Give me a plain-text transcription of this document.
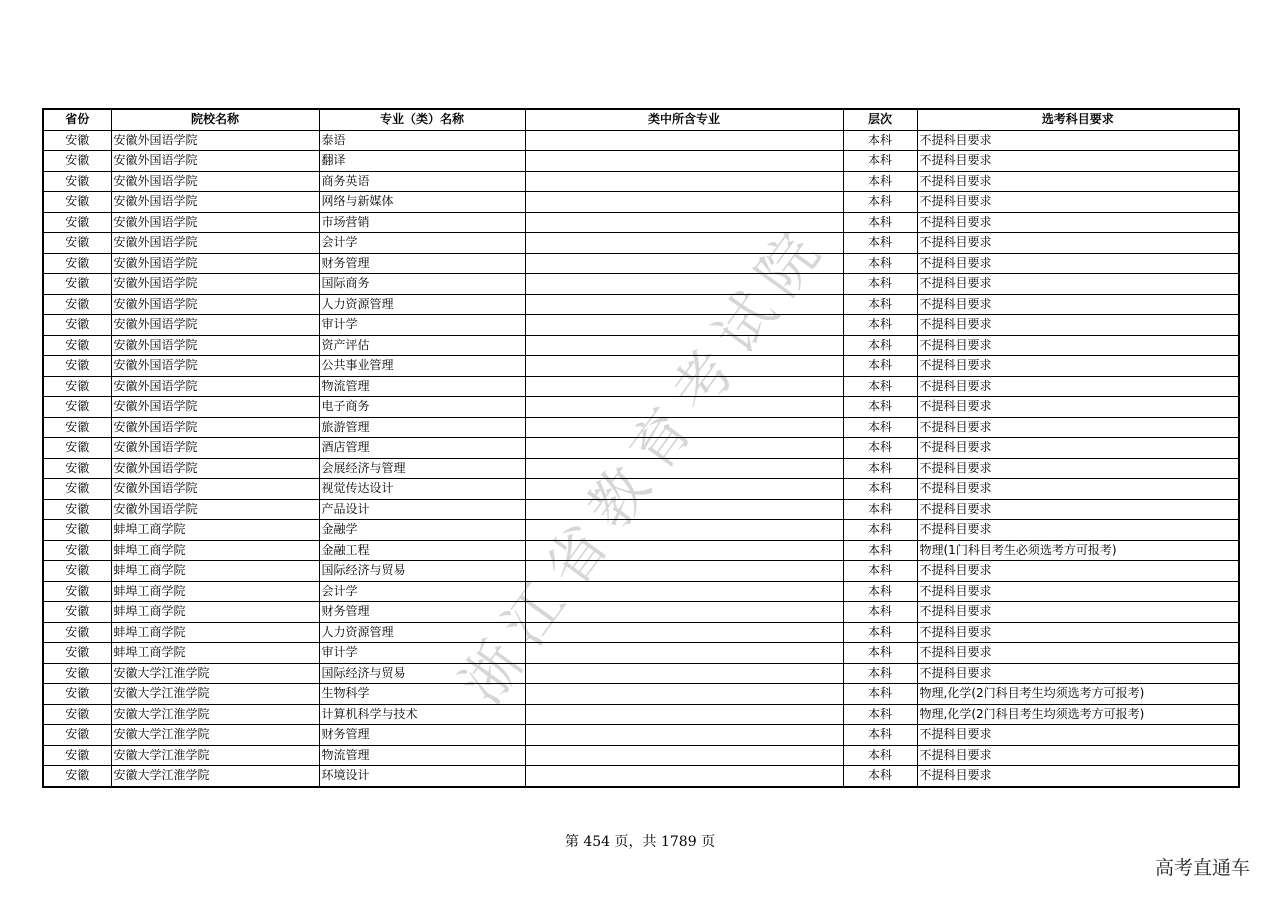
浙江省教育考试院
省份	院校名称	专业（类）名称	类中所含专业	层次	选考科目要求
安徽	安徽外国语学院	泰语		本科	不提科目要求
安徽	安徽外国语学院	翻译		本科	不提科目要求
安徽	安徽外国语学院	商务英语		本科	不提科目要求
安徽	安徽外国语学院	网络与新媒体		本科	不提科目要求
安徽	安徽外国语学院	市场营销		本科	不提科目要求
安徽	安徽外国语学院	会计学		本科	不提科目要求
安徽	安徽外国语学院	财务管理		本科	不提科目要求
安徽	安徽外国语学院	国际商务		本科	不提科目要求
安徽	安徽外国语学院	人力资源管理		本科	不提科目要求
安徽	安徽外国语学院	审计学		本科	不提科目要求
安徽	安徽外国语学院	资产评估		本科	不提科目要求
安徽	安徽外国语学院	公共事业管理		本科	不提科目要求
安徽	安徽外国语学院	物流管理		本科	不提科目要求
安徽	安徽外国语学院	电子商务		本科	不提科目要求
安徽	安徽外国语学院	旅游管理		本科	不提科目要求
安徽	安徽外国语学院	酒店管理		本科	不提科目要求
安徽	安徽外国语学院	会展经济与管理		本科	不提科目要求
安徽	安徽外国语学院	视觉传达设计		本科	不提科目要求
安徽	安徽外国语学院	产品设计		本科	不提科目要求
安徽	蚌埠工商学院	金融学		本科	不提科目要求
安徽	蚌埠工商学院	金融工程		本科	物理(1门科目考生必须选考方可报考)
安徽	蚌埠工商学院	国际经济与贸易		本科	不提科目要求
安徽	蚌埠工商学院	会计学		本科	不提科目要求
安徽	蚌埠工商学院	财务管理		本科	不提科目要求
安徽	蚌埠工商学院	人力资源管理		本科	不提科目要求
安徽	蚌埠工商学院	审计学		本科	不提科目要求
安徽	安徽大学江淮学院	国际经济与贸易		本科	不提科目要求
安徽	安徽大学江淮学院	生物科学		本科	物理,化学(2门科目考生均须选考方可报考)
安徽	安徽大学江淮学院	计算机科学与技术		本科	物理,化学(2门科目考生均须选考方可报考)
安徽	安徽大学江淮学院	财务管理		本科	不提科目要求
安徽	安徽大学江淮学院	物流管理		本科	不提科目要求
安徽	安徽大学江淮学院	环境设计		本科	不提科目要求
第 454 页，共 1789 页
高考直通车
